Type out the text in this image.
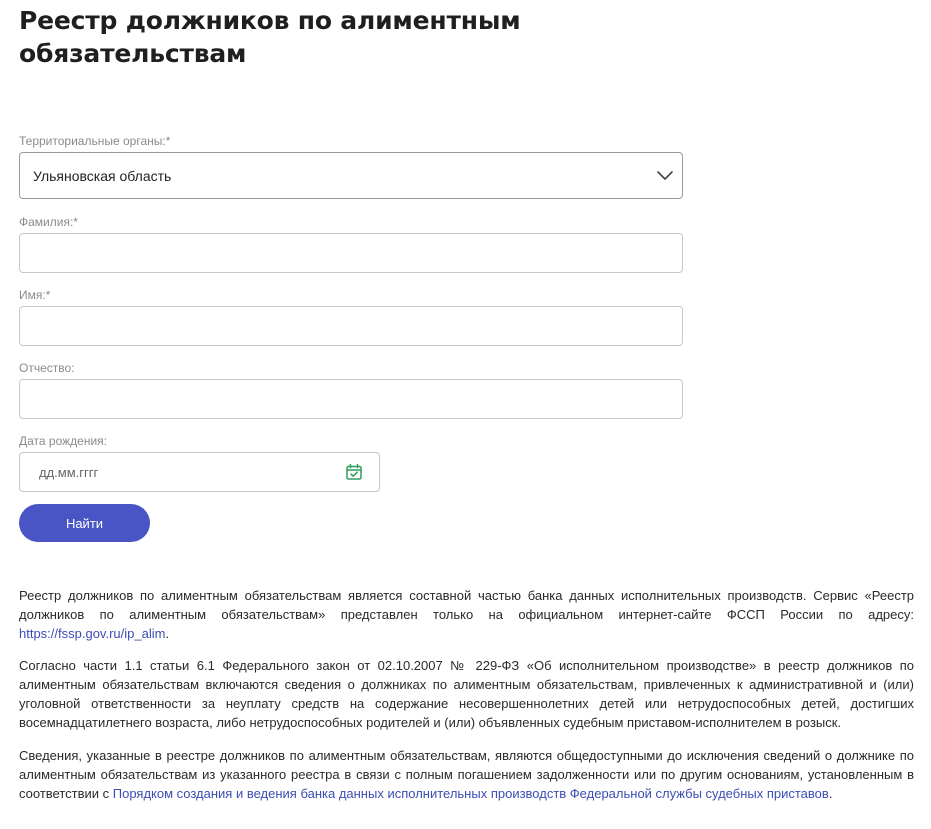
Реестр должников по алиментным обязательствам
Территориальные органы:*
Ульяновская область
Фамилия:*
Имя:*
Отчество:
Дата рождения:
дд.мм.гггг
Найти

Реестр должников по алиментным обязательствам является составной частью банка данных исполнительных производств. Сервис «Реестр должников по алиментным обязательствам» представлен только на официальном интернет-сайте ФССП России по адресу: https://fssp.gov.ru/ip_alim.

Согласно части 1.1 статьи 6.1 Федерального закон от 02.10.2007 № 229-ФЗ «Об исполнительном производстве» в реестр должников по алиментным обязательствам включаются сведения о должниках по алиментным обязательствам, привлеченных к административной и (или) уголовной ответственности за неуплату средств на содержание несовершеннолетних детей или нетрудоспособных детей, достигших восемнадцатилетнего возраста, либо нетрудоспособных родителей и (или) объявленных судебным приставом-исполнителем в розыск.

Сведения, указанные в реестре должников по алиментным обязательствам, являются общедоступными до исключения сведений о должнике по алиментным обязательствам из указанного реестра в связи с полным погашением задолженности или по другим основаниям, установленным в соответствии с Порядком создания и ведения банка данных исполнительных производств Федеральной службы судебных приставов.
